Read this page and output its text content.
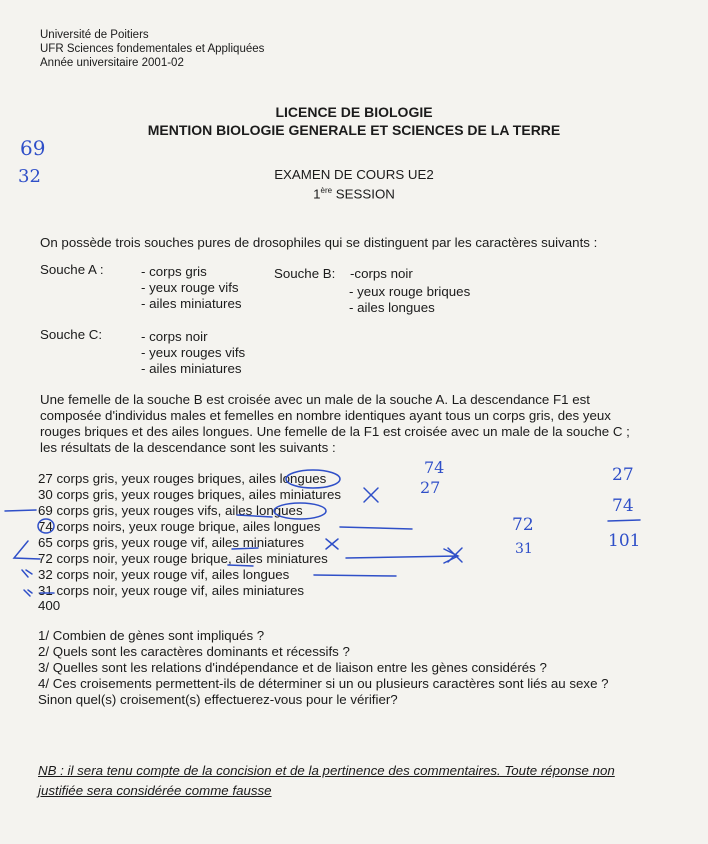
Université de Poitiers
UFR Sciences fondementales et Appliquées
Année universitaire 2001-02
LICENCE DE BIOLOGIE
MENTION BIOLOGIE GENERALE ET SCIENCES DE LA TERRE
EXAMEN DE COURS UE2
1ère SESSION
On possède trois souches pures de drosophiles qui se distinguent par les caractères suivants :
Souche A :	- corps gris
- yeux rouge vifs
- ailes miniatures
Souche B: -corps noir
- yeux rouge briques
- ailes longues
Souche C:	- corps noir
- yeux rouges vifs
- ailes miniatures
Une femelle de la souche B est croisée avec un male de la souche A. La descendance F1 est
composée d'individus males et femelles en nombre identiques ayant tous un corps gris, des yeux
rouges briques et des ailes longues. Une femelle de la F1 est croisée avec un male de la souche C ;
les résultats de la descendance sont les suivants :
27 corps gris, yeux rouges briques, ailes longues
30 corps gris, yeux rouges briques, ailes miniatures
69 corps gris, yeux rouges vifs, ailes longues
74 corps noirs, yeux rouge brique, ailes longues
65 corps gris, yeux rouge vif, ailes miniatures
72 corps noir, yeux rouge brique, ailes miniatures
32 corps noir, yeux rouge vif, ailes longues
31 corps noir, yeux rouge vif, ailes miniatures
400
1/ Combien de gènes sont impliqués ?
2/ Quels sont les caractères dominants et récessifs ?
3/ Quelles sont les relations d'indépendance et de liaison entre les gènes considérés ?
4/ Ces croisements permettent-ils de déterminer si un ou plusieurs caractères sont liés au sexe ?
Sinon quel(s) croisement(s) effectuerez-vous pour le vérifier?
NB : il sera tenu compte de la concision et de la pertinence des commentaires. Toute réponse non
justifiée sera considérée comme fausse
69
32
74
27
72
31
27
74
101
